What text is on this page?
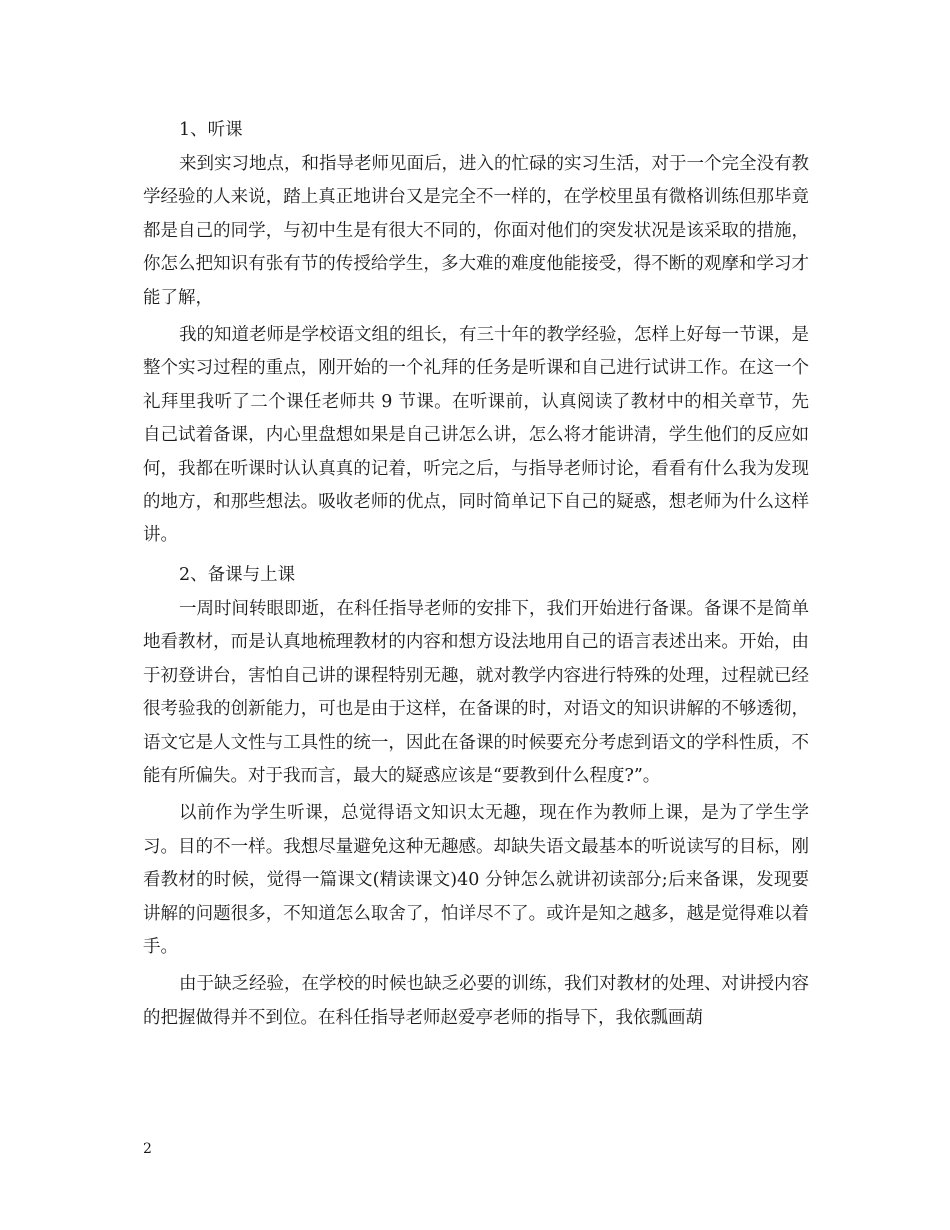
1、听课

来到实习地点，和指导老师见面后，进入的忙碌的实习生活，对于一个完全没有教学经验的人来说，踏上真正地讲台又是完全不一样的，在学校里虽有微格训练但那毕竟都是自己的同学，与初中生是有很大不同的，你面对他们的突发状况是该采取的措施，你怎么把知识有张有节的传授给学生，多大难的难度他能接受，得不断的观摩和学习才能了解，

我的知道老师是学校语文组的组长，有三十年的教学经验，怎样上好每一节课，是整个实习过程的重点，刚开始的一个礼拜的任务是听课和自己进行试讲工作。在这一个礼拜里我听了二个课任老师共 9 节课。在听课前，认真阅读了教材中的相关章节，先自己试着备课，内心里盘想如果是自己讲怎么讲，怎么将才能讲清，学生他们的反应如何，我都在听课时认认真真的记着，听完之后，与指导老师讨论，看看有什么我为发现的地方，和那些想法。吸收老师的优点，同时简单记下自己的疑惑，想老师为什么这样讲。

2、备课与上课

一周时间转眼即逝，在科任指导老师的安排下，我们开始进行备课。备课不是简单地看教材，而是认真地梳理教材的内容和想方设法地用自己的语言表述出来。开始，由于初登讲台，害怕自己讲的课程特别无趣，就对教学内容进行特殊的处理，过程就已经很考验我的创新能力，可也是由于这样，在备课的时，对语文的知识讲解的不够透彻，语文它是人文性与工具性的统一，因此在备课的时候要充分考虑到语文的学科性质，不能有所偏失。对于我而言，最大的疑惑应该是“要教到什么程度?”。

以前作为学生听课，总觉得语文知识太无趣，现在作为教师上课，是为了学生学习。目的不一样。我想尽量避免这种无趣感。却缺失语文最基本的听说读写的目标，刚看教材的时候，觉得一篇课文(精读课文)40 分钟怎么就讲初读部分;后来备课，发现要讲解的问题很多，不知道怎么取舍了，怕详尽不了。或许是知之越多，越是觉得难以着手。

由于缺乏经验，在学校的时候也缺乏必要的训练，我们对教材的处理、对讲授内容的把握做得并不到位。在科任指导老师赵爱亭老师的指导下，我依瓢画葫

2
